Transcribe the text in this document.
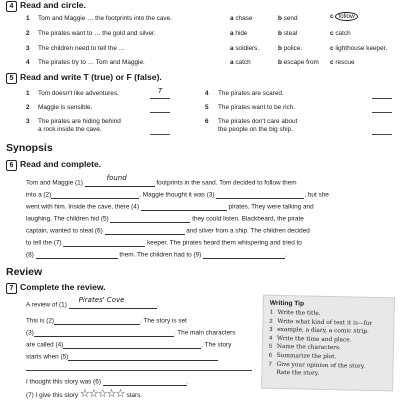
4 Read and circle.
1 Tom and Maggie … the footprints into the cave.	a chase	b send	c follow
2 The pirates want to … the gold and silver.	a hide	b steal	c catch
3 The children need to tell the …	a soldiers.	b police.	c lighthouse keeper.
4 The pirates try to … Tom and Maggie.	a catch	b escape from c rescue
5 Read and write T (true) or F (false).
1 Tom doesn't like adventures.	T
2 Maggie is sensible.
3 The pirates are hiding behind
a rock inside the cave.
4 The pirates are scared.
5 The pirates want to be rich.
6 The pirates don't care about
the people on the big ship.
Synopsis
6 Read and complete.
Tom and Maggie (1)
found
footprints in the sand. Tom decided to follow them
into a (2)	. Maggie thought it was (3)	, but she
went with him. Inside the cave, there (4)	pirates. They were talking and
laughing. The children hid (5)	they could listen. Blackbeard, the pirate
captain, wanted to steal (6)	and silver from a ship. The children decided
to tell the (7)	keeper. The pirates heard them whispering and tried to
(8)	them. The children had to (9)	.
Review
7 Complete the review.
A review of (1)
Pirates' Cove
.
This is (2)	. The story is set
(3)	. The main characters
are called (4)	. The story
starts when (5)
I thought this story was (6)	.
(7) I give this story ☆☆☆☆☆ stars.
Writing Tip
1
2
3
4
5
6
7
Write the title.
Write what kind of text it is—for
example, a diary, a comic strip.
Write the time and place.
Name the characters.
Summarize the plot.
Give your opinion of the story.
Rate the story.
